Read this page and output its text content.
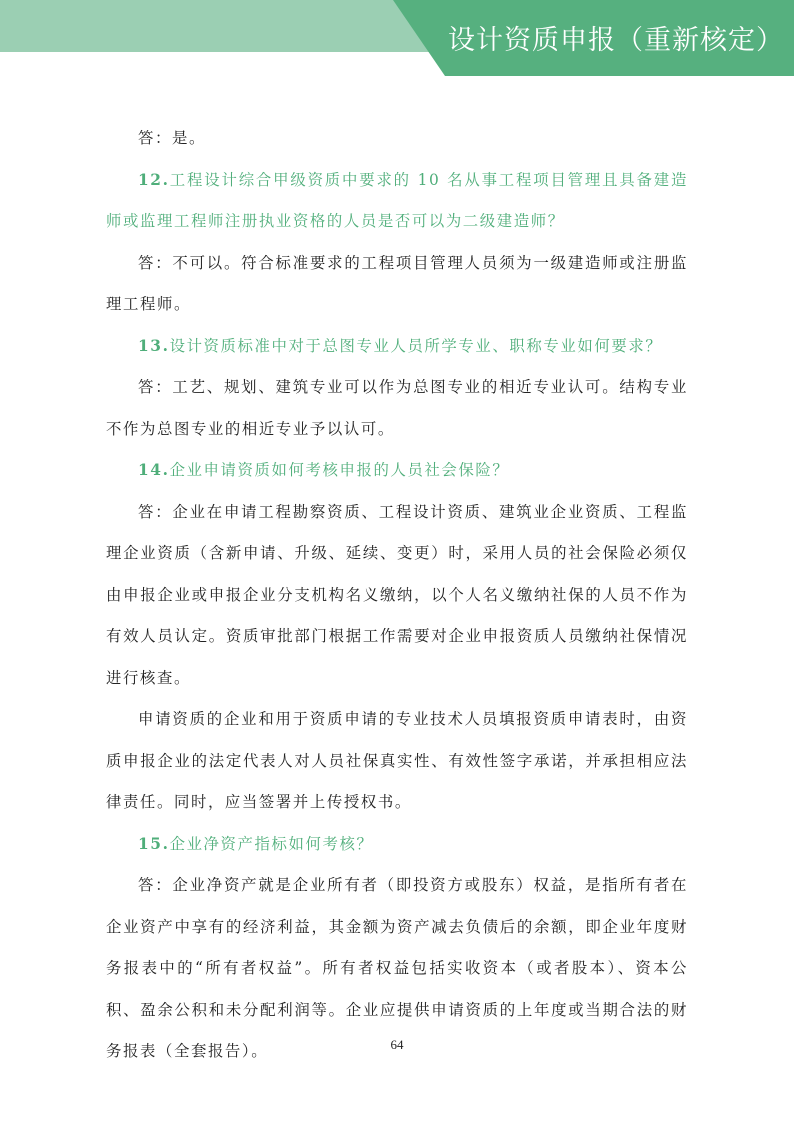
设计资质申报（重新核定）

答：是。

12.工程设计综合甲级资质中要求的 10 名从事工程项目管理且具备建造师或监理工程师注册执业资格的人员是否可以为二级建造师？

答：不可以。符合标准要求的工程项目管理人员须为一级建造师或注册监理工程师。

13.设计资质标准中对于总图专业人员所学专业、职称专业如何要求？

答：工艺、规划、建筑专业可以作为总图专业的相近专业认可。结构专业不作为总图专业的相近专业予以认可。

14.企业申请资质如何考核申报的人员社会保险？

答：企业在申请工程勘察资质、工程设计资质、建筑业企业资质、工程监理企业资质（含新申请、升级、延续、变更）时，采用人员的社会保险必须仅由申报企业或申报企业分支机构名义缴纳，以个人名义缴纳社保的人员不作为有效人员认定。资质审批部门根据工作需要对企业申报资质人员缴纳社保情况进行核查。

申请资质的企业和用于资质申请的专业技术人员填报资质申请表时，由资质申报企业的法定代表人对人员社保真实性、有效性签字承诺，并承担相应法律责任。同时，应当签署并上传授权书。

15.企业净资产指标如何考核？

答：企业净资产就是企业所有者（即投资方或股东）权益，是指所有者在企业资产中享有的经济利益，其金额为资产减去负债后的余额，即企业年度财务报表中的“所有者权益”。所有者权益包括实收资本（或者股本）、资本公积、盈余公积和未分配利润等。企业应提供申请资质的上年度或当期合法的财务报表（全套报告）。	64
